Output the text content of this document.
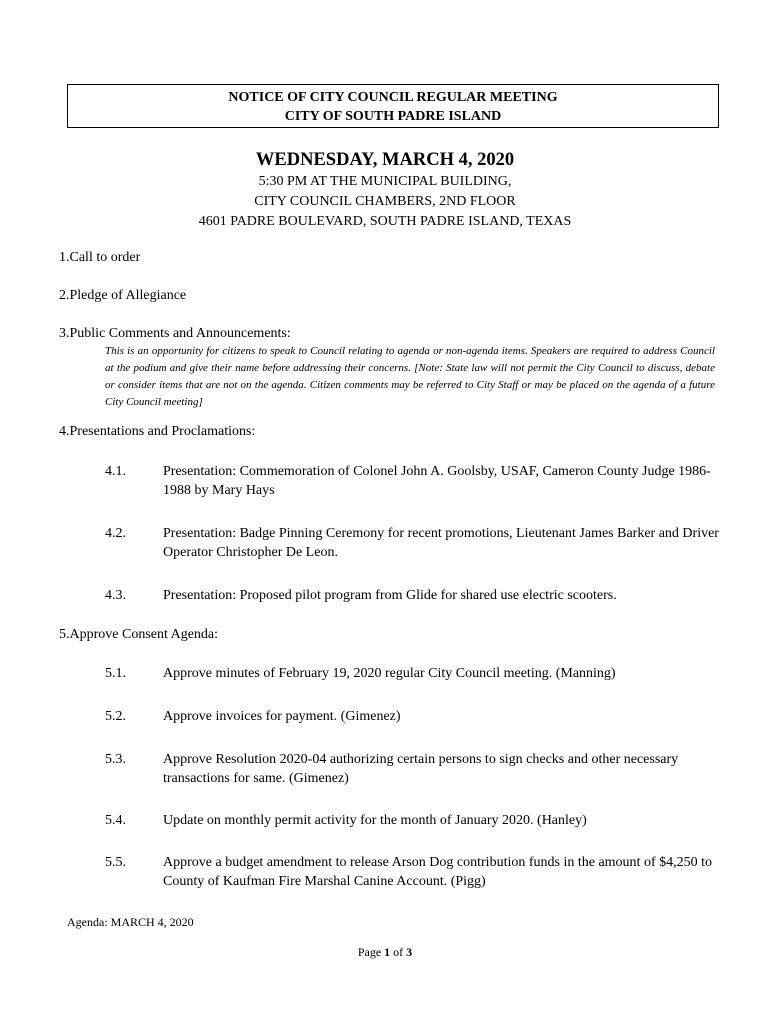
NOTICE OF CITY COUNCIL REGULAR MEETING
CITY OF SOUTH PADRE ISLAND
WEDNESDAY, MARCH 4, 2020
5:30 PM AT THE MUNICIPAL BUILDING,
CITY COUNCIL CHAMBERS, 2ND FLOOR
4601 PADRE BOULEVARD, SOUTH PADRE ISLAND, TEXAS
1.Call to order
2.Pledge of Allegiance
3.Public Comments and Announcements:
This is an opportunity for citizens to speak to Council relating to agenda or non-agenda items. Speakers are required to address Council at the podium and give their name before addressing their concerns. [Note: State law will not permit the City Council to discuss, debate or consider items that are not on the agenda. Citizen comments may be referred to City Staff or may be placed on the agenda of a future City Council meeting]
4.Presentations and Proclamations:
4.1.	Presentation: Commemoration of Colonel John A. Goolsby, USAF, Cameron County Judge 1986-1988 by Mary Hays
4.2.	Presentation: Badge Pinning Ceremony for recent promotions, Lieutenant James Barker and Driver Operator Christopher De Leon.
4.3.	Presentation: Proposed pilot program from Glide for shared use electric scooters.
5.Approve Consent Agenda:
5.1.	Approve minutes of February 19, 2020 regular City Council meeting. (Manning)
5.2.	Approve invoices for payment. (Gimenez)
5.3.	Approve Resolution 2020-04 authorizing certain persons to sign checks and other necessary transactions for same. (Gimenez)
5.4.	Update on monthly permit activity for the month of January 2020. (Hanley)
5.5.	Approve a budget amendment to release Arson Dog contribution funds in the amount of $4,250 to County of Kaufman Fire Marshal Canine Account. (Pigg)
Agenda: MARCH 4, 2020
Page 1 of 3
